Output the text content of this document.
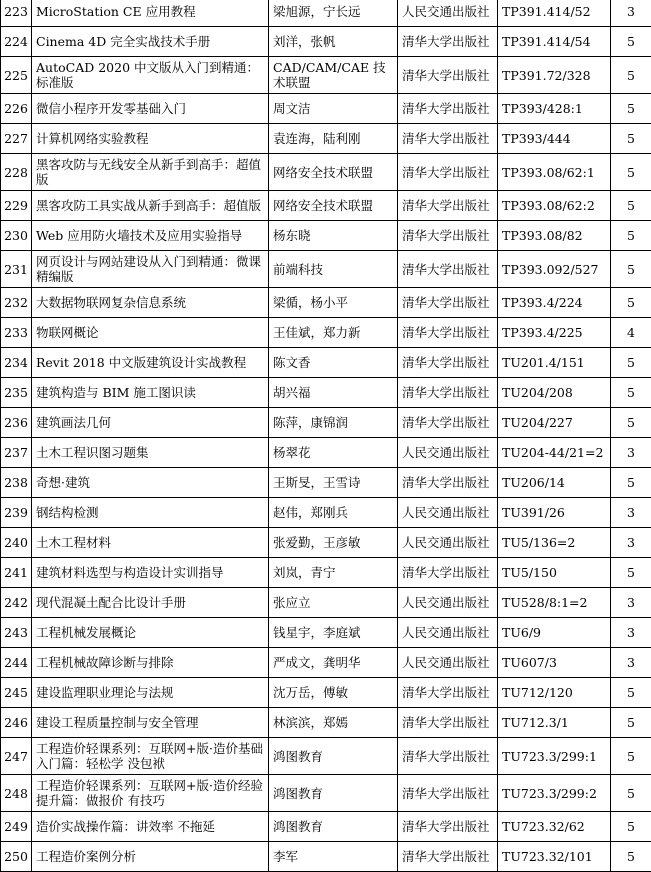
223	MicroStation CE 应用教程	梁旭源，宁长远	人民交通出版社	TP391.414/52	3
224	Cinema 4D 完全实战技术手册	刘洋，张帆	清华大学出版社	TP391.414/54	5
225	AutoCAD 2020 中文版从入门到精通：标准版	CAD/CAM/CAE 技术联盟	清华大学出版社	TP391.72/328	5
226	微信小程序开发零基础入门	周文洁	清华大学出版社	TP393/428:1	5
227	计算机网络实验教程	袁连海，陆利刚	清华大学出版社	TP393/444	5
228	黑客攻防与无线安全从新手到高手：超值版	网络安全技术联盟	清华大学出版社	TP393.08/62:1	5
229	黑客攻防工具实战从新手到高手：超值版	网络安全技术联盟	清华大学出版社	TP393.08/62:2	5
230	Web 应用防火墙技术及应用实验指导	杨东晓	清华大学出版社	TP393.08/82	5
231	网页设计与网站建设从入门到精通：微课精编版	前端科技	清华大学出版社	TP393.092/527	5
232	大数据物联网复杂信息系统	梁循，杨小平	清华大学出版社	TP393.4/224	5
233	物联网概论	王佳斌，郑力新	清华大学出版社	TP393.4/225	4
234	Revit 2018 中文版建筑设计实战教程	陈文香	清华大学出版社	TU201.4/151	5
235	建筑构造与 BIM 施工图识读	胡兴福	清华大学出版社	TU204/208	5
236	建筑画法几何	陈萍，康锦润	清华大学出版社	TU204/227	5
237	土木工程识图习题集	杨翠花	人民交通出版社	TU204-44/21=2	3
238	奇想·建筑	王斯旻，王雪诗	清华大学出版社	TU206/14	5
239	钢结构检测	赵伟，郑刚兵	人民交通出版社	TU391/26	3
240	土木工程材料	张爱勤，王彦敏	人民交通出版社	TU5/136=2	3
241	建筑材料选型与构造设计实训指导	刘岚，青宁	清华大学出版社	TU5/150	5
242	现代混凝土配合比设计手册	张应立	人民交通出版社	TU528/8:1=2	3
243	工程机械发展概论	钱星宇，李庭斌	人民交通出版社	TU6/9	3
244	工程机械故障诊断与排除	严成文，龚明华	人民交通出版社	TU607/3	3
245	建设监理职业理论与法规	沈万岳，傅敏	清华大学出版社	TU712/120	5
246	建设工程质量控制与安全管理	林滨滨，郑嫣	清华大学出版社	TU712.3/1	5
247	工程造价轻课系列：互联网+版·造价基础入门篇：轻松学 没包袱	鸿图教育	清华大学出版社	TU723.3/299:1	5
248	工程造价轻课系列：互联网+版·造价经验提升篇：做报价 有技巧	鸿图教育	清华大学出版社	TU723.3/299:2	5
249	造价实战操作篇：讲效率 不拖延	鸿图教育	清华大学出版社	TU723.32/62	5
250	工程造价案例分析	李军	清华大学出版社	TU723.32/101	5
